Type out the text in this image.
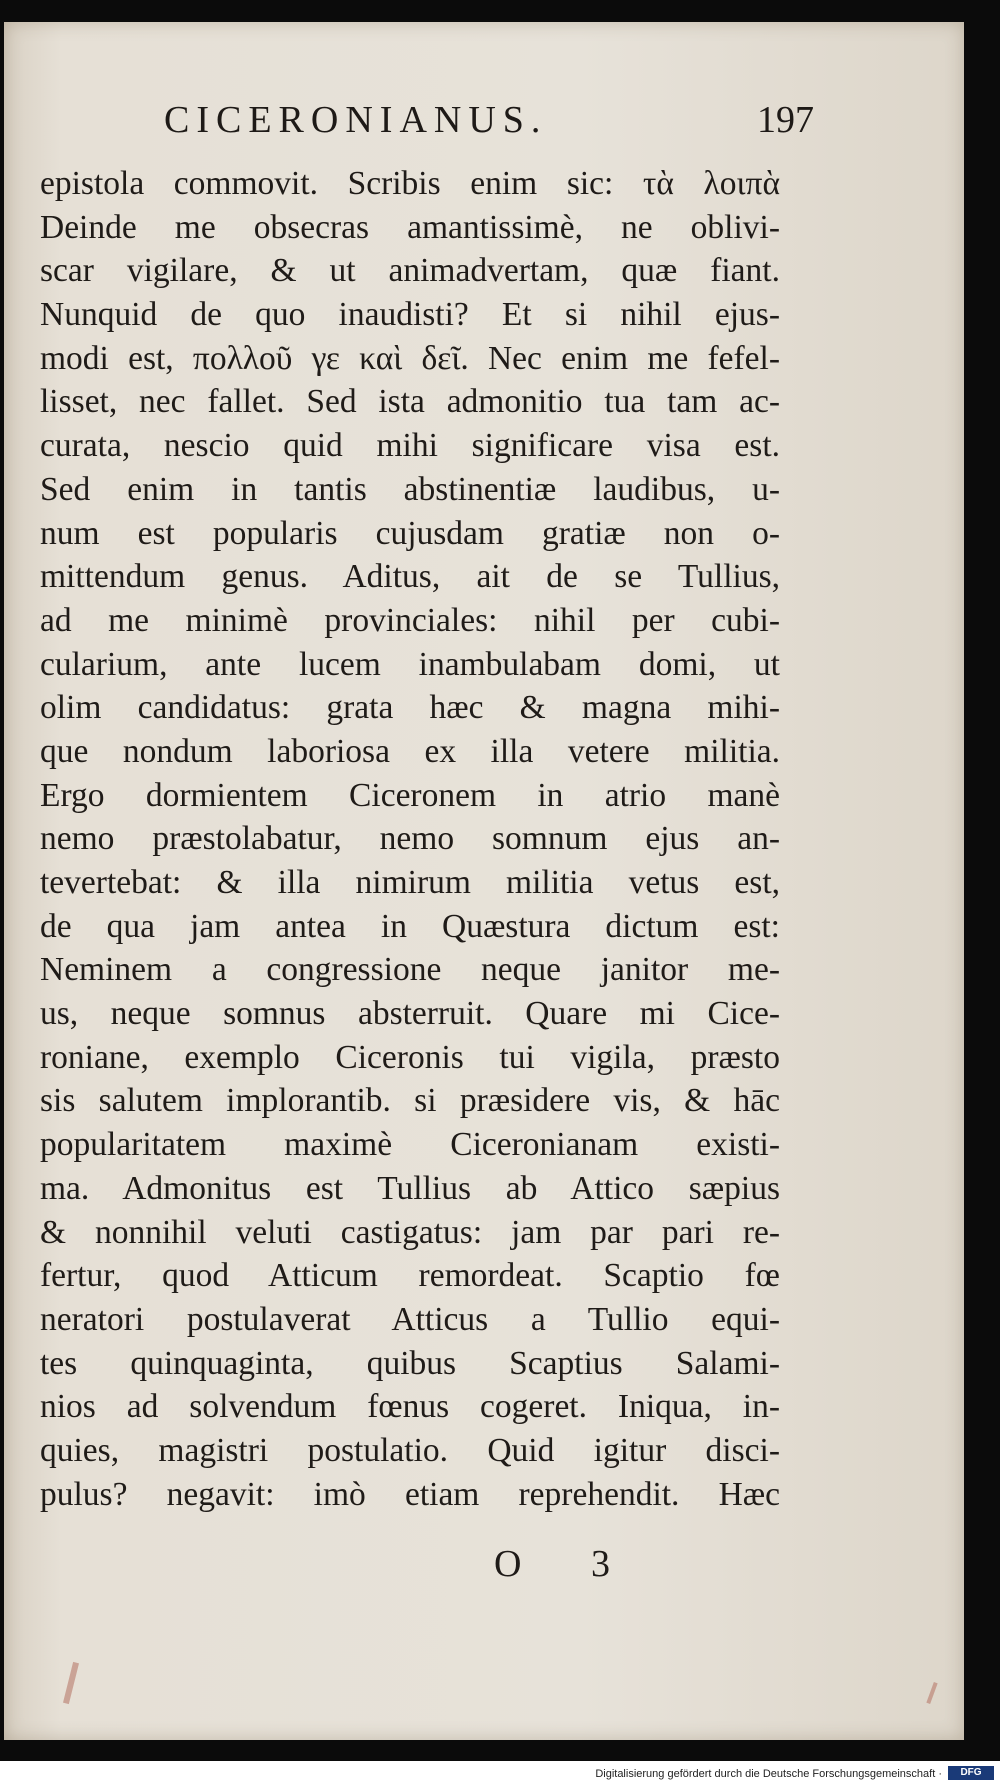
CICERONIANUS.	197
epistola commovit. Scribis enim sic: τὰ λοιπὰ
Deinde me obsecras amantissimè, ne oblivi-
scar vigilare, & ut animadvertam, quæ fiant.
Nunquid de quo inaudisti? Et si nihil ejus-
modi est, πολλοῦ γε καὶ δεῖ. Nec enim me fefel-
lisset, nec fallet. Sed ista admonitio tua tam ac-
curata, nescio quid mihi significare visa est.
Sed enim in tantis abstinentiæ laudibus, u-
num est popularis cujusdam gratiæ non o-
mittendum genus. Aditus, ait de se Tullius,
ad me minimè provinciales: nihil per cubi-
cularium, ante lucem inambulabam domi, ut
olim candidatus: grata hæc & magna mihi-
que nondum laboriosa ex illa vetere militia.
Ergo dormientem Ciceronem in atrio manè
nemo præstolabatur, nemo somnum ejus an-
tevertebat: & illa nimirum militia vetus est,
de qua jam antea in Quæstura dictum est:
Neminem a congressione neque janitor me-
us, neque somnus absterruit. Quare mi Cice-
roniane, exemplo Ciceronis tui vigila, præsto
sis salutem implorantib. si præsidere vis, & hāc
popularitatem maximè Ciceronianam existi-
ma. Admonitus est Tullius ab Attico sæpius
& nonnihil veluti castigatus: jam par pari re-
fertur, quod Atticum remordeat. Scaptio fœ
neratori postulaverat Atticus a Tullio equi-
tes quinquaginta, quibus Scaptius Salami-
nios ad solvendum fœnus cogeret. Iniqua, in-
quies, magistri postulatio. Quid igitur disci-
pulus? negavit: imò etiam reprehendit. Hæc
O 3
Digitalisierung gefördert durch die Deutsche Forschungsgemeinschaft ·	DFG
